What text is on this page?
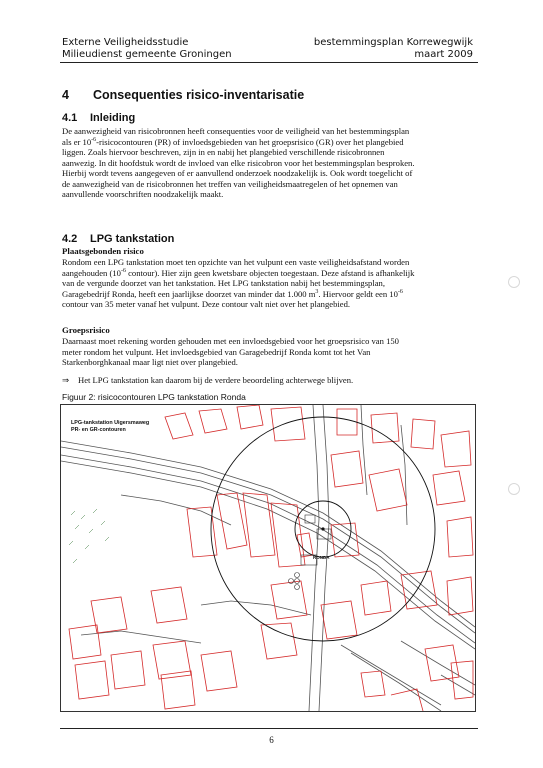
Externe Veiligheidsstudie
Milieudienst gemeente Groningen
bestemmingsplan Korrewegwijk
maart 2009
4 Consequenties risico-inventarisatie
4.1 Inleiding
De aanwezigheid van risicobronnen heeft consequenties voor de veiligheid van het bestemmingsplan
als er $10^{-6}$-risicocontouren (PR) of invloedsgebieden van het groepsrisico (GR) over het plangebied
liggen. Zoals hiervoor beschreven, zijn in en nabij het plangebied verschillende risicobronnen
aanwezig. In dit hoofdstuk wordt de invloed van elke risicobron voor het bestemmingsplan besproken.
Hierbij wordt tevens aangegeven of er aanvullend onderzoek noodzakelijk is. Ook wordt toegelicht of
de aanwezigheid van de risicobronnen het treffen van veiligheidsmaatregelen of het opnemen van
aanvullende voorschriften noodzakelijk maakt.
4.2 LPG tankstation
Plaatsgebonden risico
Rondom een LPG tankstation moet ten opzichte van het vulpunt een vaste veiligheidsafstand worden
aangehouden ($10^{-6}$ contour). Hier zijn geen kwetsbare objecten toegestaan. Deze afstand is afhankelijk
van de vergunde doorzet van het tankstation. Het LPG tankstation nabij het bestemmingsplan,
Garagebedrijf Ronda, heeft een jaarlijkse doorzet van minder dat 1.000 $m^3$. Hiervoor geldt een $10^{-6}$
contour van 35 meter vanaf het vulpunt. Deze contour valt niet over het plangebied.
Groepsrisico
Daarnaast moet rekening worden gehouden met een invloedsgebied voor het groepsrisico van 150
meter rondom het vulpunt. Het invloedsgebied van Garagebedrijf Ronda komt tot het Van
Starkenborghkanaal maar ligt niet over plangebied.
⇒ Het LPG tankstation kan daarom bij de verdere beoordeling achterwege blijven.
Figuur 2: risicocontouren LPG tankstation Ronda
LPG-tankstation Uigersmaweg
PR- en GR-contouren
RONDA
6
